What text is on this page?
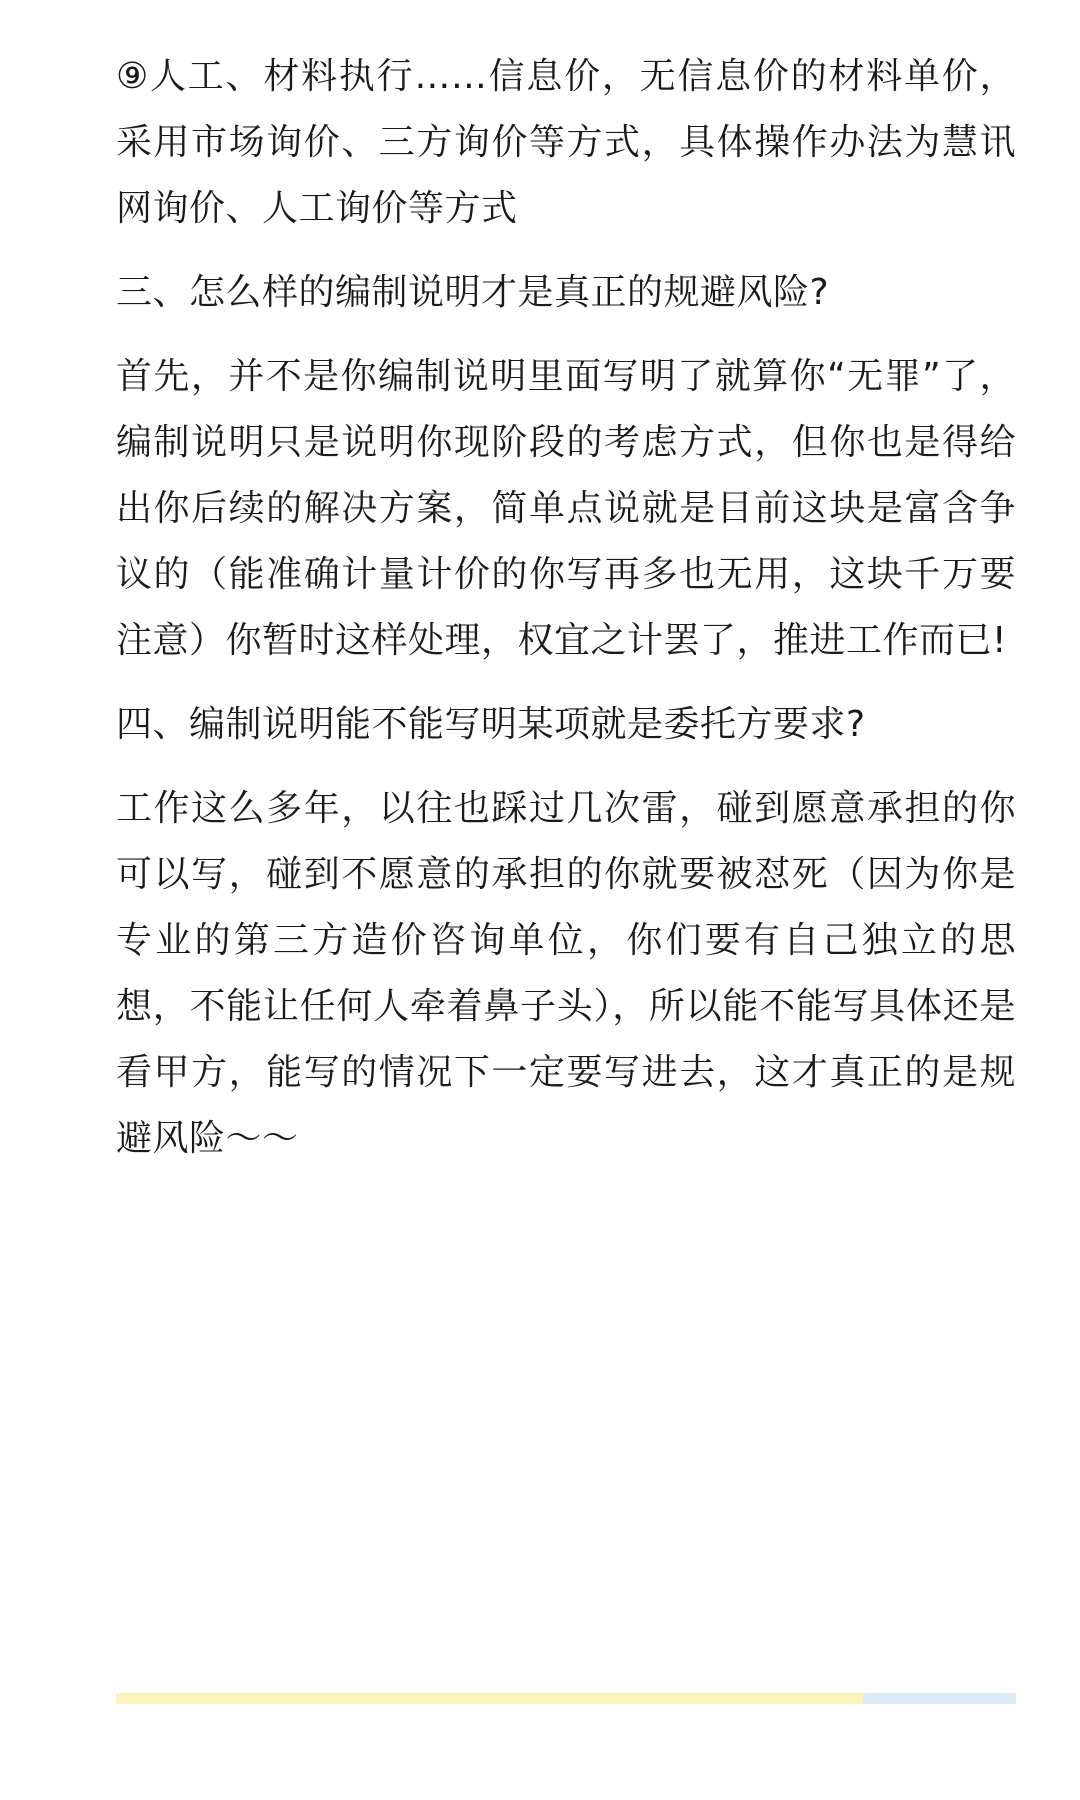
⑨人工、材料执行……信息价，无信息价的材料单价，采用市场询价、三方询价等方式，具体操作办法为慧讯网询价、人工询价等方式

三、怎么样的编制说明才是真正的规避风险?

首先，并不是你编制说明里面写明了就算你“无罪”了，编制说明只是说明你现阶段的考虑方式，但你也是得给出你后续的解决方案，简单点说就是目前这块是富含争议的（能准确计量计价的你写再多也无用，这块千万要注意）你暂时这样处理，权宜之计罢了，推进工作而已!

四、编制说明能不能写明某项就是委托方要求?

工作这么多年，以往也踩过几次雷，碰到愿意承担的你可以写，碰到不愿意的承担的你就要被怼死（因为你是专业的第三方造价咨询单位，你们要有自己独立的思想，不能让任何人牵着鼻子头），所以能不能写具体还是看甲方，能写的情况下一定要写进去，这才真正的是规避风险～～
